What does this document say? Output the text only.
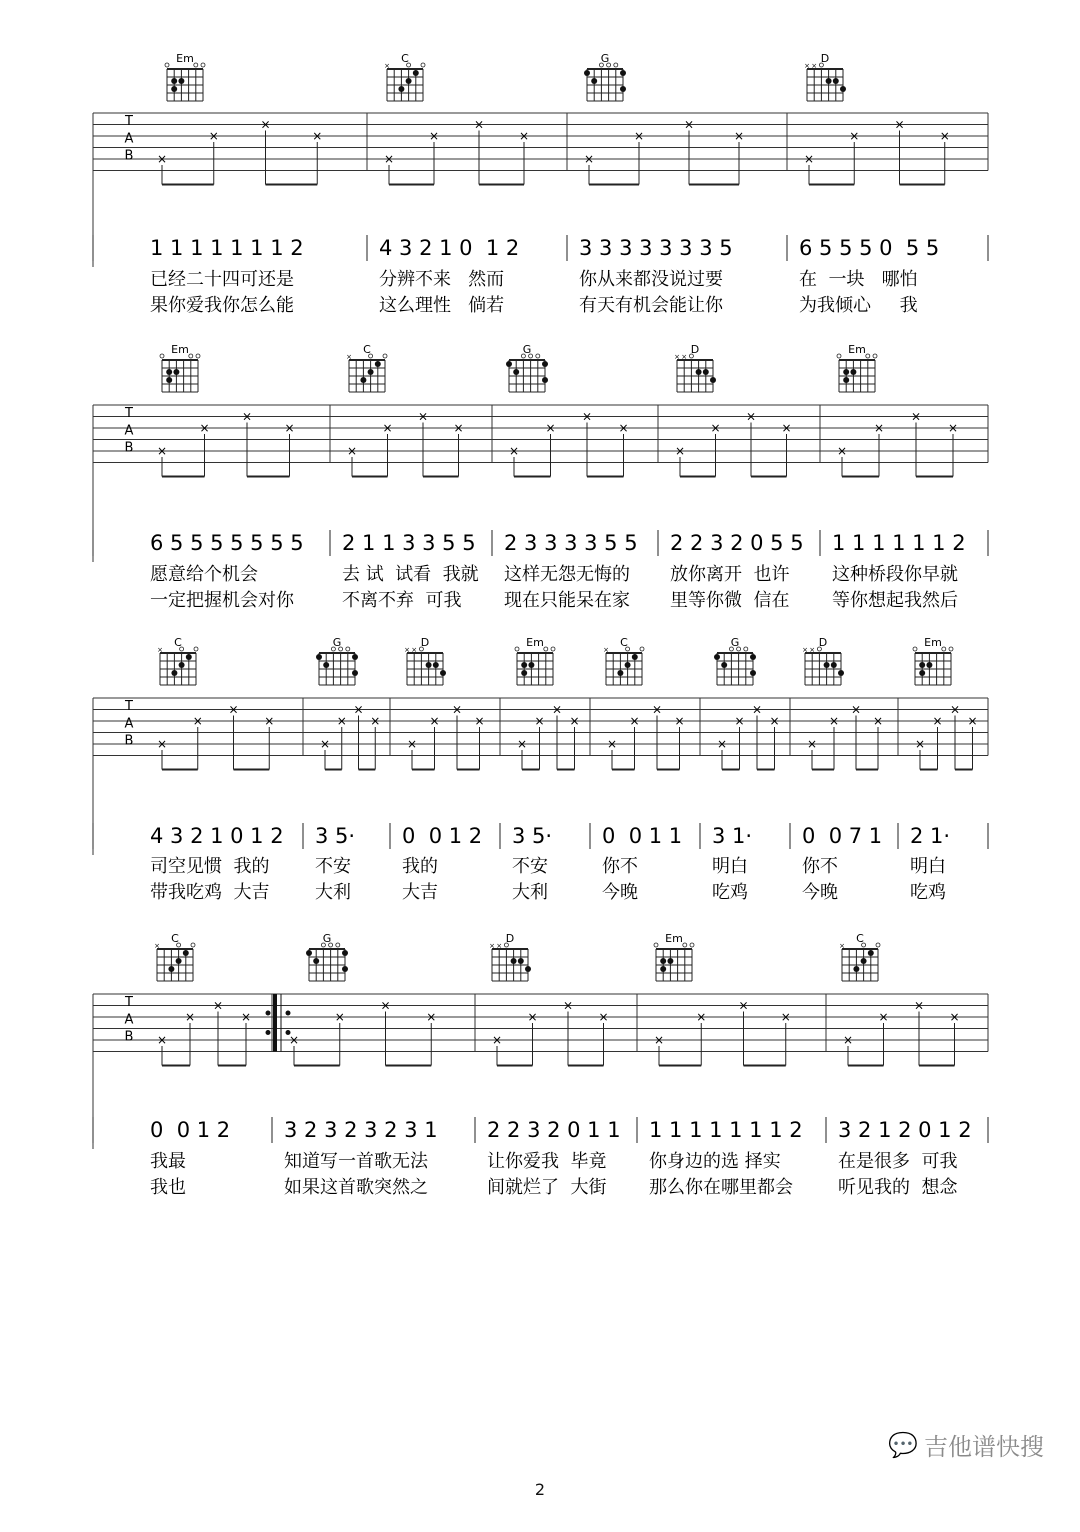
T
A
B ×
×
×
×
×
×
×
×
×
×
×
×
×
×
×
×
1 1 1 1 1 1 1 2
已经二十四可还是
果你爱我你怎么能
4 3 2 1 0  1 2
分辨不来   然而
这么理性   倘若
3 3 3 3 3 3 3 5
你从来都没说过要
有天有机会能让你
6 5 5 5 0  5 5
在  一块   哪怕
为我倾心     我
Em	C
×
G	D
× ×
T
A
B ×
×
×
×
×
×
×
×
×
×
×
×
×
×
×
×
×
×
×
×
6 5 5 5 5 5 5 5
愿意给个机会
一定把握机会对你
2 1 1 3 3 5 5
去 试  试看  我就
不离不弃  可我
2 3 3 3 3 5 5
这样无怨无悔的
现在只能呆在家
2 2 3 2 0 5 5
放你离开  也许
里等你微  信在
1 1 1 1 1 1 2
这种桥段你早就
等你想起我然后
Em	C
×
G	D
× ×
Em
T
A
B ×
×
×
×
×
×
×
×
×
×
×
×
×
×
×
×
×
×
×
×
×
×
×
×
×
×
×
×
×
×
×
×
4 3 2 1 0 1 2
司空见惯  我的
带我吃鸡  大吉
3 5·
不安
大利
0  0 1 2
我的
大吉
3 5·
不安
大利
0  0 1 1
你不
今晚
3 1·
明白
吃鸡
0  0 7 1
你不
今晚
2 1·
明白
吃鸡
C
×
G	D
× ×
Em	C
×
G	D
× ×
Em
T
A
B ×
×
×
×
×
×
×
×
×
×
×
×
×
×
×
×
×
×
×
×
0  0 1 2
我最
我也
3 2 3 2 3 2 3 1
知道写一首歌无法
如果这首歌突然之
2 2 3 2 0 1 1
让你爱我  毕竟
间就烂了  大街
1 1 1 1 1 1 1 2
你身边的选 择实
那么你在哪里都会
3 2 1 2 0 1 2
在是很多  可我
听见我的  想念
C
×
G	D
× ×
Em	C
×
2
💬 吉他谱快搜
